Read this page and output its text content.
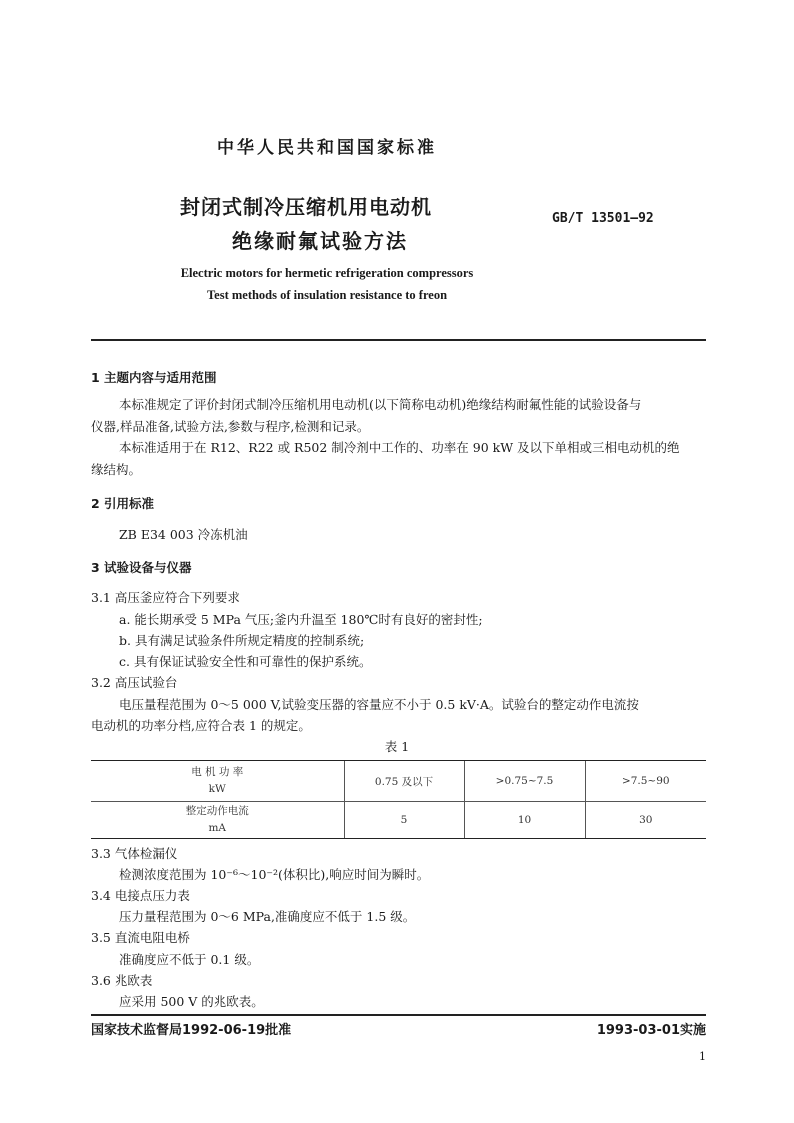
中华人民共和国国家标准
封闭式制冷压缩机用电动机
绝缘耐氟试验方法
GB/T 13501—92
Electric motors for hermetic refrigeration compressors
Test methods of insulation resistance to freon
1 主题内容与适用范围
本标准规定了评价封闭式制冷压缩机用电动机(以下简称电动机)绝缘结构耐氟性能的试验设备与
仪器,样品准备,试验方法,参数与程序,检测和记录。
本标准适用于在 R12、R22 或 R502 制冷剂中工作的、功率在 90 kW 及以下单相或三相电动机的绝
缘结构。
2 引用标准
ZB E34 003 冷冻机油
3 试验设备与仪器
3.1 高压釜应符合下列要求
a. 能长期承受 5 MPa 气压;釜内升温至 180℃时有良好的密封性;
b. 具有满足试验条件所规定精度的控制系统;
c. 具有保证试验安全性和可靠性的保护系统。
3.2 高压试验台
电压量程范围为 0～5 000 V,试验变压器的容量应不小于 0.5 kV·A。试验台的整定动作电流按
电动机的功率分档,应符合表 1 的规定。
表 1
电 机 功 率
kW	0.75 及以下	>0.75~7.5	>7.5~90

整定动作电流
mA	5	10	30
3.3 气体检漏仪
检测浓度范围为 10⁻⁶～10⁻²(体积比),响应时间为瞬时。
3.4 电接点压力表
压力量程范围为 0～6 MPa,准确度应不低于 1.5 级。
3.5 直流电阻电桥
准确度应不低于 0.1 级。
3.6 兆欧表
应采用 500 V 的兆欧表。
国家技术监督局1992-06-19批准	1993-03-01实施
1
